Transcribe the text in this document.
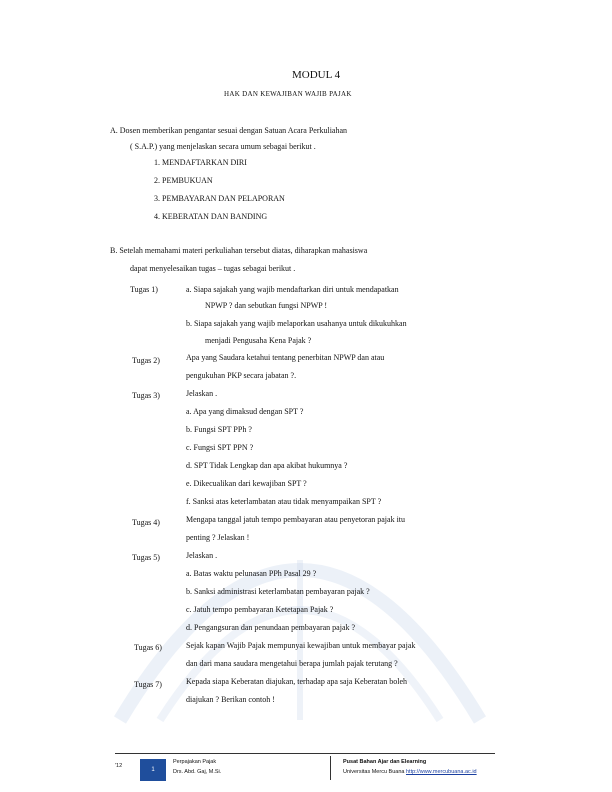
MODUL 4
HAK DAN KEWAJIBAN WAJIB PAJAK
A. Dosen memberikan pengantar sesuai dengan Satuan Acara Perkuliahan
( S.A.P.) yang menjelaskan secara umum sebagai berikut .
1. MENDAFTARKAN DIRI
2. PEMBUKUAN
3. PEMBAYARAN DAN PELAPORAN
4. KEBERATAN DAN BANDING
B. Setelah memahami materi perkuliahan tersebut diatas, diharapkan mahasiswa
dapat menyelesaikan tugas – tugas sebagai berikut .
Tugas 1)	a. Siapa sajakah yang wajib mendaftarkan diri untuk mendapatkan
NPWP ? dan sebutkan fungsi NPWP !
b. Siapa sajakah yang wajib melaporkan usahanya untuk dikukuhkan
menjadi Pengusaha Kena Pajak ?
Tugas 2)	Apa yang Saudara ketahui tentang penerbitan NPWP dan atau
pengukuhan PKP secara jabatan ?.
Tugas 3)	Jelaskan .
a. Apa yang dimaksud dengan SPT ?
b. Fungsi SPT PPh ?
c. Fungsi SPT PPN ?
d. SPT Tidak Lengkap dan apa akibat hukumnya ?
e. Dikecualikan dari kewajiban SPT ?
f. Sanksi atas keterlambatan atau tidak menyampaikan SPT ?
Tugas 4)	Mengapa tanggal jatuh tempo pembayaran atau penyetoran pajak itu
penting ? Jelaskan !
Tugas 5)	Jelaskan .
a. Batas waktu pelunasan PPh Pasal 29 ?
b. Sanksi administrasi keterlambatan pembayaran pajak ?
c. Jatuh tempo pembayaran Ketetapan Pajak ?
d. Pengangsuran dan penundaan pembayaran pajak ?
Tugas 6)	Sejak kapan Wajib Pajak mempunyai kewajiban untuk membayar pajak
dan dari mana saudara mengetahui berapa jumlah pajak terutang ?
Tugas 7)	Kepada siapa Keberatan diajukan, terhadap apa saja Keberatan boleh
diajukan ? Berikan contoh !
'12
1
Perpajakan Pajak
Drs. Abd. Gaj, M.Si.
Pusat Bahan Ajar dan Elearning
Universitas Mercu Buana http://www.mercubuana.ac.id
